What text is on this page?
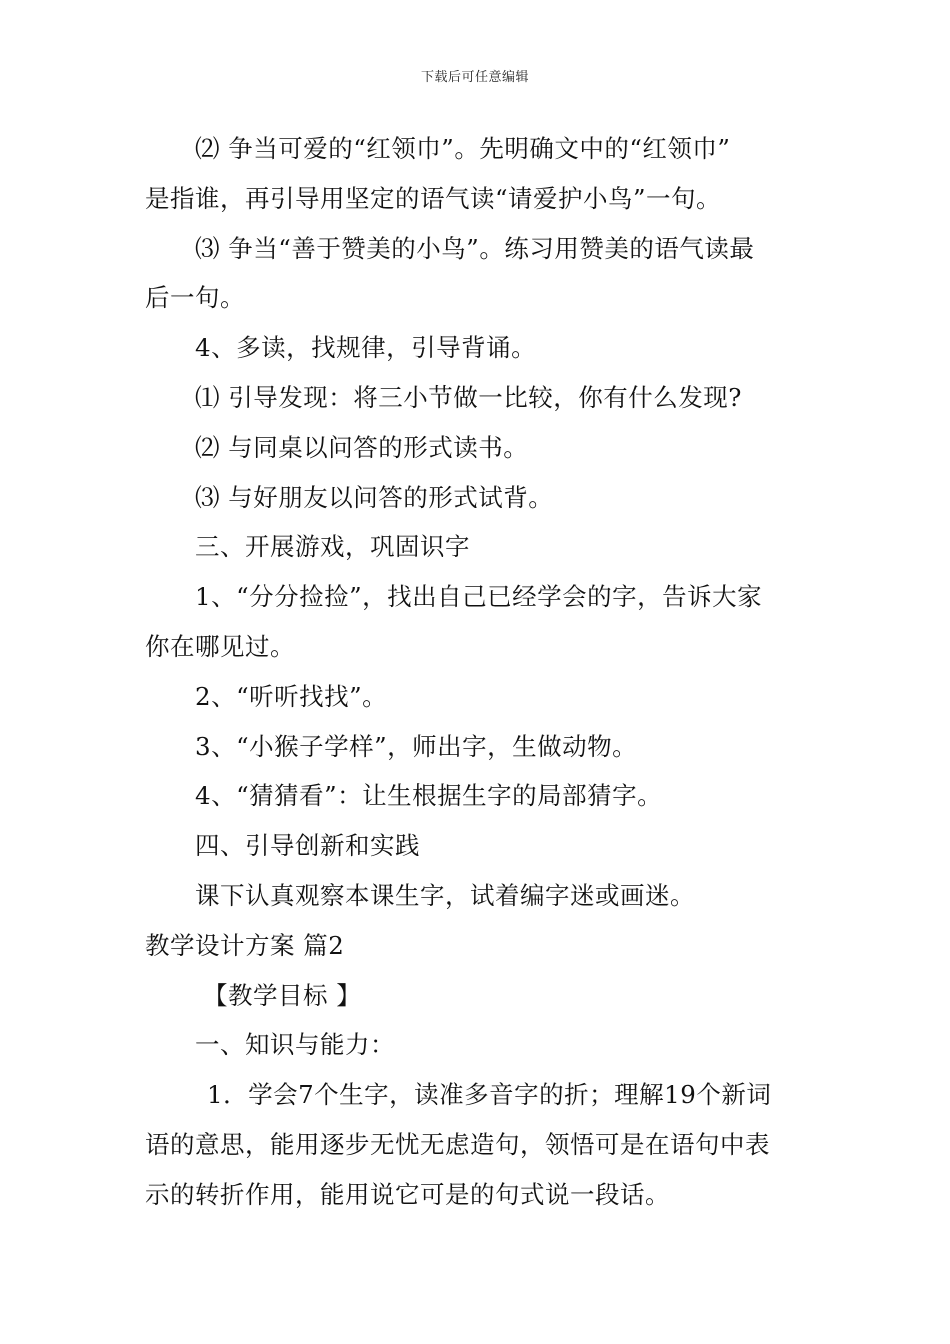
下载后可任意编辑
⑵ 争当可爱的“红领巾”。先明确文中的“红领巾”
是指谁，再引导用坚定的语气读“请爱护小鸟”一句。
⑶ 争当“善于赞美的小鸟”。练习用赞美的语气读最
后一句。
4、多读，找规律，引导背诵。
⑴ 引导发现：将三小节做一比较，你有什么发现?
⑵ 与同桌以问答的形式读书。
⑶ 与好朋友以问答的形式试背。
三、开展游戏，巩固识字
1、“分分捡捡”，找出自己已经学会的字，告诉大家
你在哪见过。
2、“听听找找”。
3、“小猴子学样”，师出字，生做动物。
4、“猜猜看”：让生根据生字的局部猜字。
四、引导创新和实践
课下认真观察本课生字，试着编字迷或画迷。
教学设计方案 篇2
【教学目标 】
一、知识与能力：
1．学会7个生字，读准多音字的折；理解19个新词
语的意思，能用逐步无忧无虑造句，领悟可是在语句中表
示的转折作用，能用说它可是的句式说一段话。
